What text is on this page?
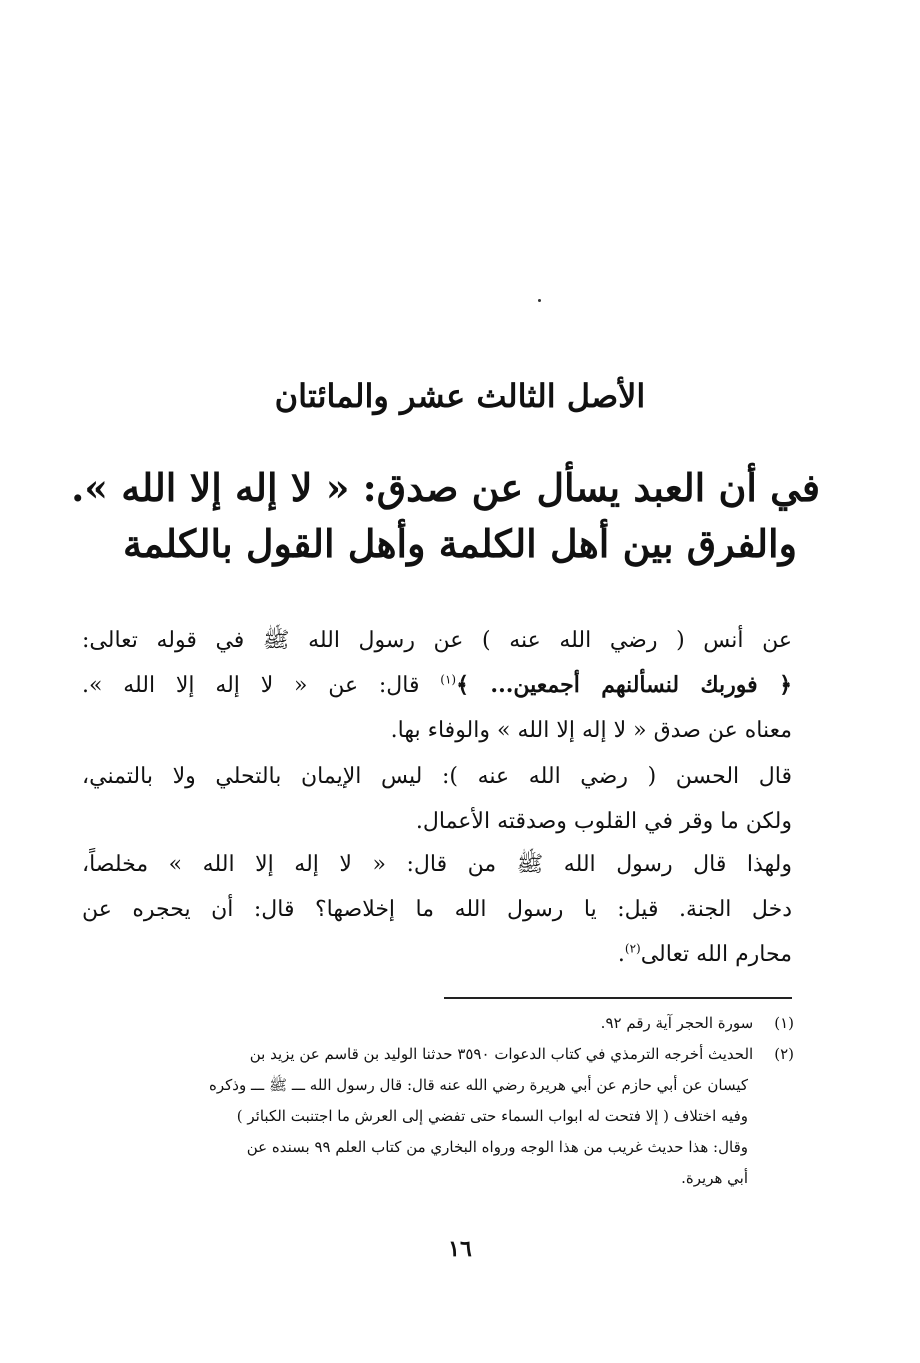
الأصل الثالث عشر والمائتان
في أن العبد يسأل عن صدق: « لا إله إلا الله ».
والفرق بين أهل الكلمة وأهل القول بالكلمة
عن أنس ( رضي الله عنه ) عن رسول الله ﷺ في قوله تعالى:
﴿ فوربك لنسألنهم أجمعين... ﴾$^{(١)}$ قال: عن « لا إله إلا الله ».
معناه عن صدق « لا إله إلا الله » والوفاء بها.
قال الحسن ( رضي الله عنه ): ليس الإيمان بالتحلي ولا بالتمني،
ولكن ما وقر في القلوب وصدقته الأعمال.
ولهذا قال رسول الله ﷺ من قال: « لا إله إلا الله » مخلصاً،
دخل الجنة. قيل: يا رسول الله ما إخلاصها؟ قال: أن يحجره عن
محارم الله تعالى$^{(٢)}$.
(١) سورة الحجر آية رقم ٩٢.
(٢) الحديث أخرجه الترمذي في كتاب الدعوات ٣٥٩٠ حدثنا الوليد بن قاسم عن يزيد بن
كيسان عن أبي حازم عن أبي هريرة رضي الله عنه قال: قال رسول الله ـــ ﷺ ـــ وذكره
وفيه اختلاف ( إلا فتحت له ابواب السماء حتى تفضي إلى العرش ما اجتنبت الكبائر )
وقال: هذا حديث غريب من هذا الوجه ورواه البخاري من كتاب العلم ٩٩ بسنده عن
أبي هريرة.
١٦
